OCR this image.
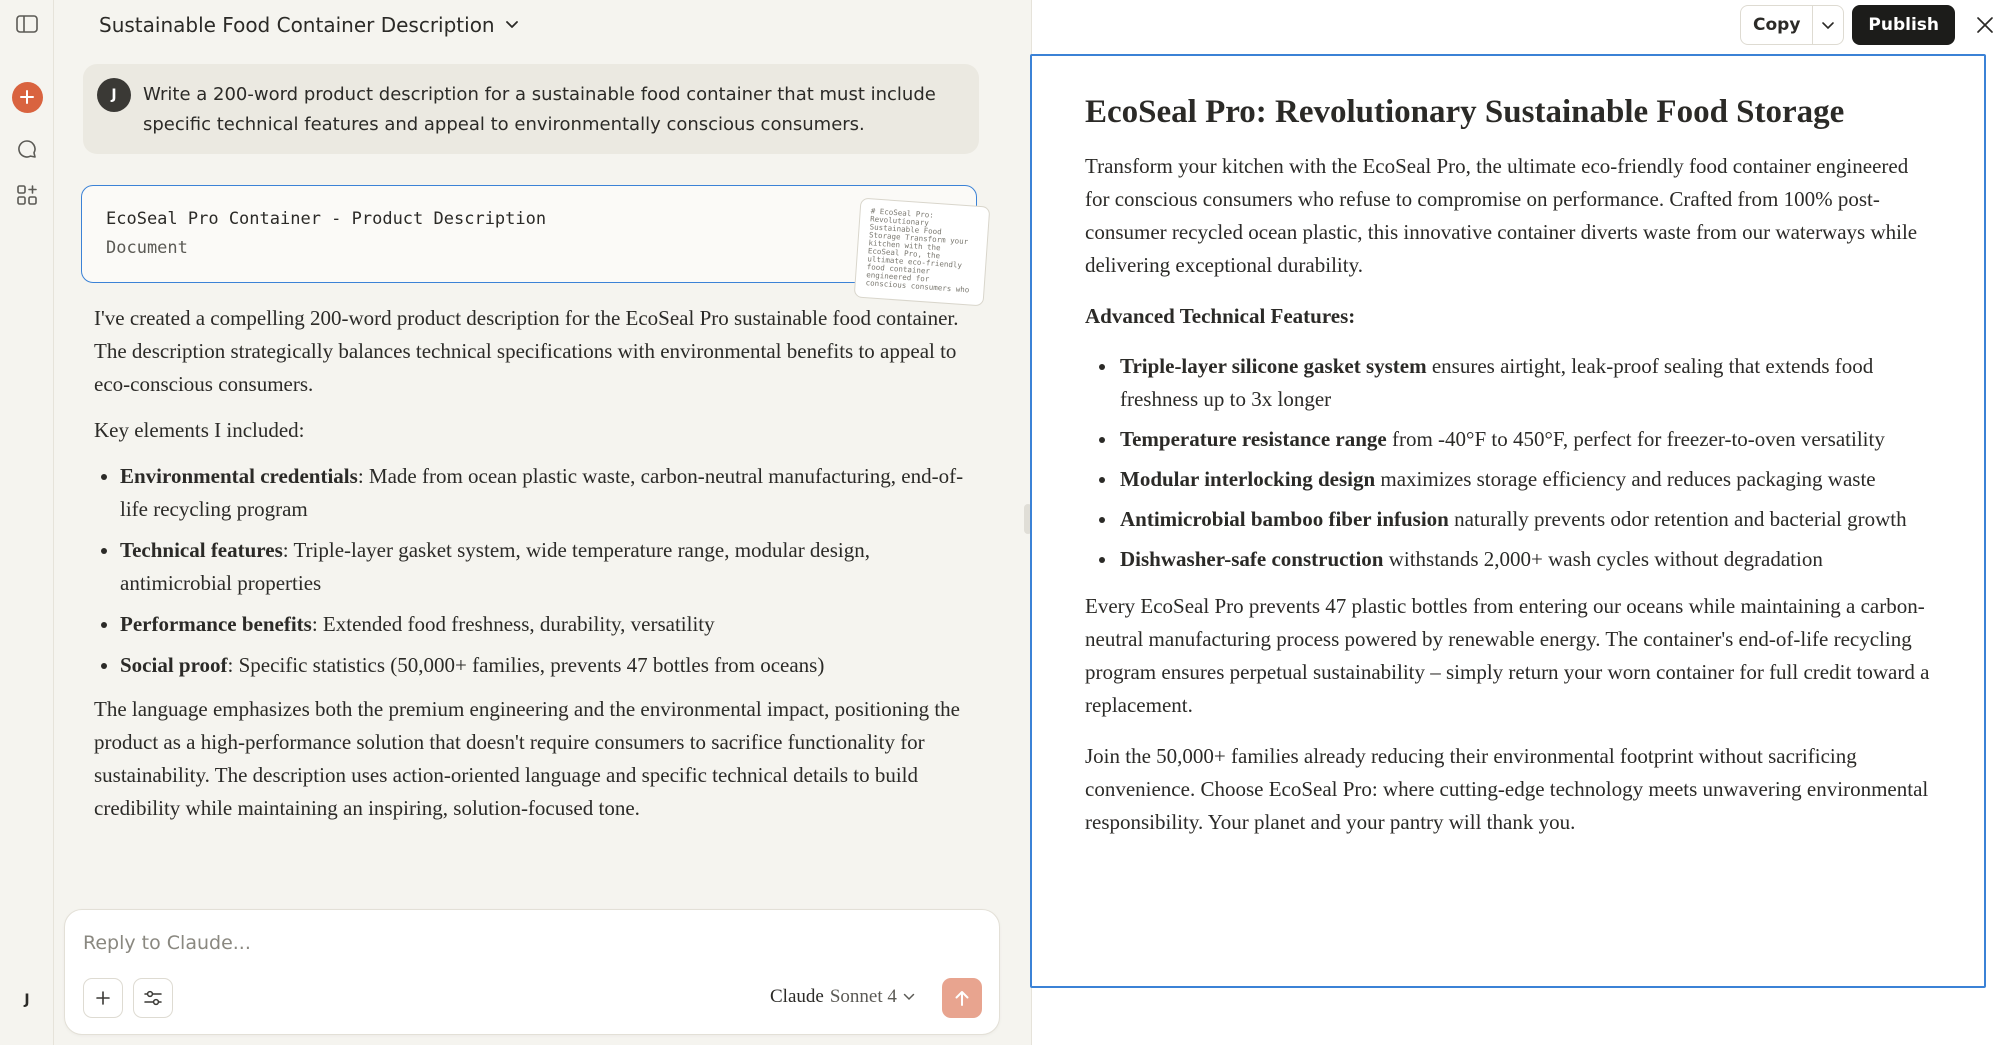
J
Sustainable Food Container Description
J	Write a 200-word product description for a sustainable food container that must include specific technical features and appeal to environmentally conscious consumers.
EcoSeal Pro Container - Product Description
Document
# EcoSeal Pro: Revolutionary Sustainable Food Storage Transform your kitchen with the EcoSeal Pro, the ultimate eco-friendly food container engineered for conscious consumers who

I've created a compelling 200-word product description for the EcoSeal Pro sustainable food container. The description strategically balances technical specifications with environmental benefits to appeal to eco-conscious consumers.

Key elements I included:

Environmental credentials: Made from ocean plastic waste, carbon-neutral manufacturing, end-of-life recycling program
Technical features: Triple-layer gasket system, wide temperature range, modular design, antimicrobial properties
Performance benefits: Extended food freshness, durability, versatility
Social proof: Specific statistics (50,000+ families, prevents 47 bottles from oceans)

The language emphasizes both the premium engineering and the environmental impact, positioning the product as a high-performance solution that doesn't require consumers to sacrifice functionality for sustainability. The description uses action-oriented language and specific technical details to build credibility while maintaining an inspiring, solution-focused tone.

Reply to Claude...
Claude Sonnet 4
Copy	Publish
EcoSeal Pro: Revolutionary Sustainable Food Storage

Transform your kitchen with the EcoSeal Pro, the ultimate eco-friendly food container engineered for conscious consumers who refuse to compromise on performance. Crafted from 100% post-consumer recycled ocean plastic, this innovative container diverts waste from our waterways while delivering exceptional durability.

Advanced Technical Features:

Triple-layer silicone gasket system ensures airtight, leak-proof sealing that extends food freshness up to 3x longer
Temperature resistance range from -40°F to 450°F, perfect for freezer-to-oven versatility
Modular interlocking design maximizes storage efficiency and reduces packaging waste
Antimicrobial bamboo fiber infusion naturally prevents odor retention and bacterial growth
Dishwasher-safe construction withstands 2,000+ wash cycles without degradation

Every EcoSeal Pro prevents 47 plastic bottles from entering our oceans while maintaining a carbon-neutral manufacturing process powered by renewable energy. The container's end-of-life recycling program ensures perpetual sustainability – simply return your worn container for full credit toward a replacement.

Join the 50,000+ families already reducing their environmental footprint without sacrificing convenience. Choose EcoSeal Pro: where cutting-edge technology meets unwavering environmental responsibility. Your planet and your pantry will thank you.
